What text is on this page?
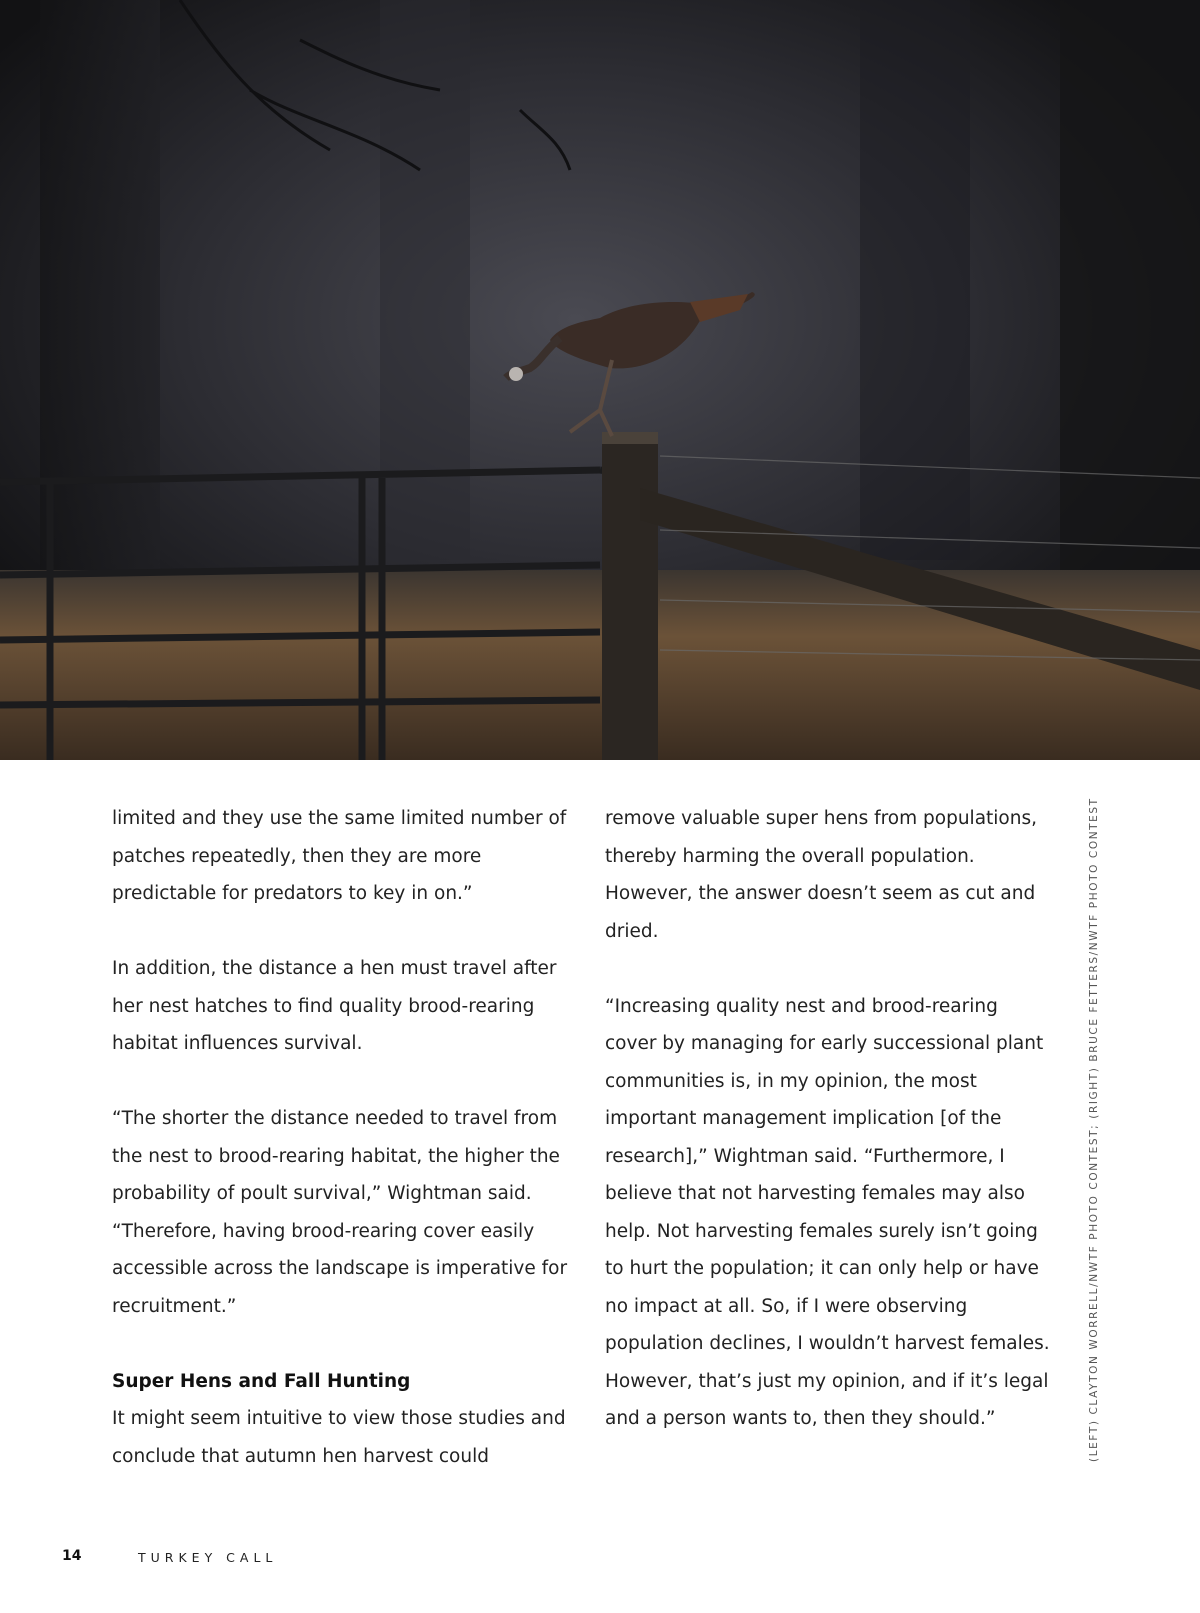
limited and they use the same limited number of patches repeatedly, then they are more predictable for predators to key in on.”

In addition, the distance a hen must travel after her nest hatches to find quality brood-rearing habitat influences survival.

“The shorter the distance needed to travel from the nest to brood-rearing habitat, the higher the probability of poult survival,” Wightman said. “Therefore, having brood-rearing cover easily accessible across the landscape is imperative for recruitment.”

Super Hens and Fall Hunting

It might seem intuitive to view those studies and conclude that autumn hen harvest could

remove valuable super hens from populations, thereby harming the overall population. However, the answer doesn’t seem as cut and dried.

“Increasing quality nest and brood-rearing cover by managing for early successional plant communities is, in my opinion, the most important management implication [of the research],” Wightman said. “Furthermore, I believe that not harvesting females may also help. Not harvesting females surely isn’t going to hurt the population; it can only help or have no impact at all. So, if I were observing population declines, I wouldn’t harvest females. However, that’s just my opinion, and if it’s legal and a person wants to, then they should.”	(LEFT) CLAYTON WORRELL/NWTF PHOTO CONTEST; (RIGHT) BRUCE FETTERS/NWTF PHOTO CONTEST
14	TURKEY CALL
